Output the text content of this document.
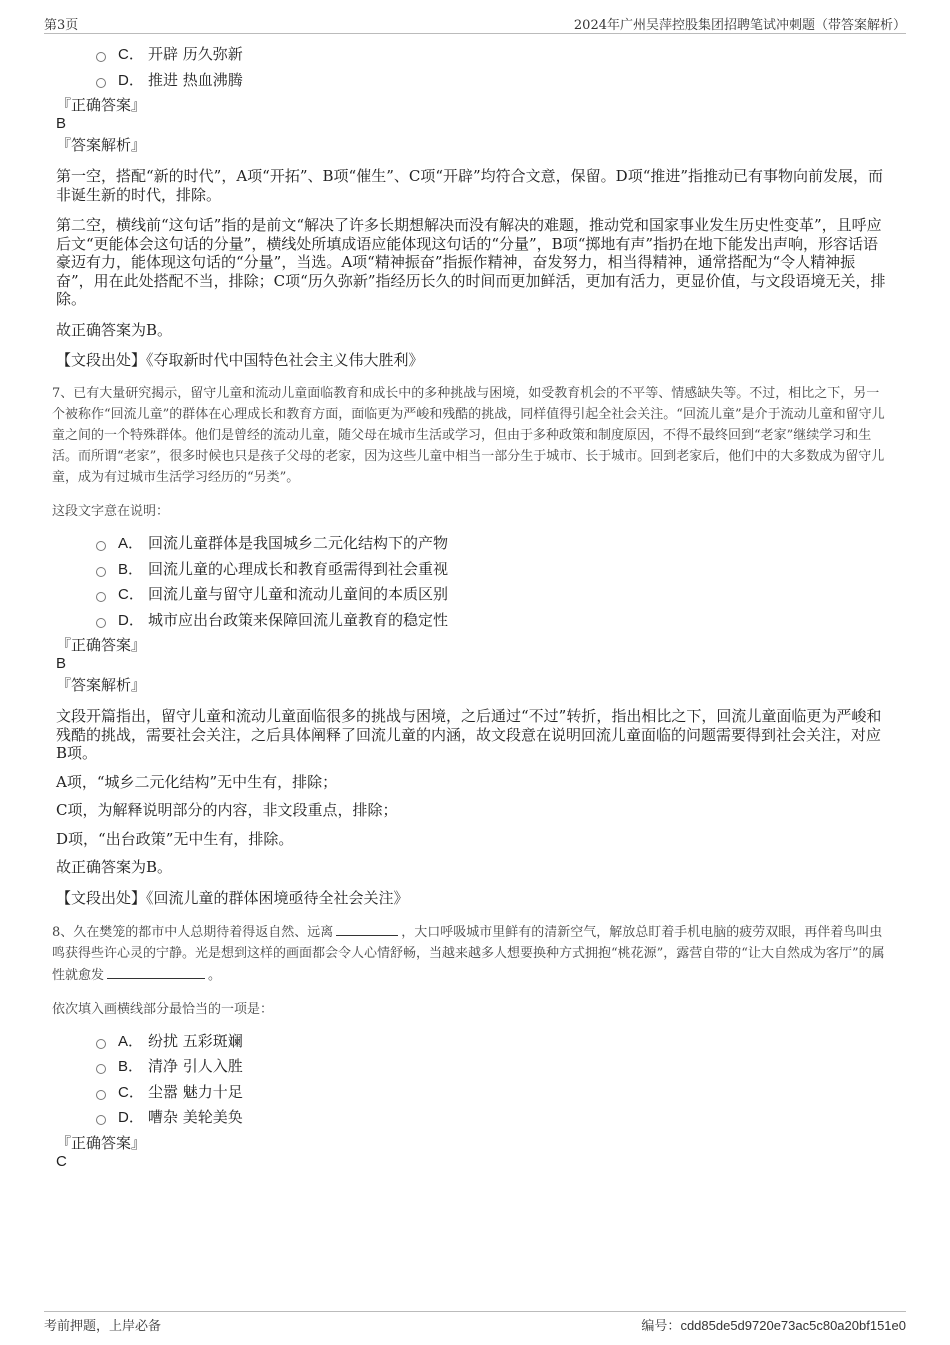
第3页	2024年广州吴萍控股集团招聘笔试冲刺题（带答案解析）
C． 开辟 历久弥新
D． 推进 热血沸腾
『正确答案』
B
『答案解析』
第一空，搭配“新的时代”，A项“开拓”、B项“催生”、C项“开辟”均符合文意，保留。D项“推进”指推动已有事物向前发展，而非诞生新的时代，排除。
第二空，横线前“这句话”指的是前文“解决了许多长期想解决而没有解决的难题，推动党和国家事业发生历史性变革”，且呼应后文“更能体会这句话的分量”，横线处所填成语应能体现这句话的“分量”，B项“掷地有声”指扔在地下能发出声响，形容话语豪迈有力，能体现这句话的“分量”，当选。A项“精神振奋”指振作精神，奋发努力，相当得精神，通常搭配为“令人精神振奋”，用在此处搭配不当，排除；C项“历久弥新”指经历长久的时间而更加鲜活，更加有活力，更显价值，与文段语境无关，排除。
故正确答案为B。
【文段出处】《夺取新时代中国特色社会主义伟大胜利》
7、已有大量研究揭示，留守儿童和流动儿童面临教育和成长中的多种挑战与困境，如受教育机会的不平等、情感缺失等。不过，相比之下，另一个被称作“回流儿童”的群体在心理成长和教育方面，面临更为严峻和残酷的挑战，同样值得引起全社会关注。“回流儿童”是介于流动儿童和留守儿童之间的一个特殊群体。他们是曾经的流动儿童，随父母在城市生活或学习，但由于多种政策和制度原因，不得不最终回到“老家”继续学习和生活。而所谓“老家”，很多时候也只是孩子父母的老家，因为这些儿童中相当一部分生于城市、长于城市。回到老家后，他们中的大多数成为留守儿童，成为有过城市生活学习经历的“另类”。
这段文字意在说明：
A． 回流儿童群体是我国城乡二元化结构下的产物
B． 回流儿童的心理成长和教育亟需得到社会重视
C． 回流儿童与留守儿童和流动儿童间的本质区别
D． 城市应出台政策来保障回流儿童教育的稳定性
『正确答案』
B
『答案解析』
文段开篇指出，留守儿童和流动儿童面临很多的挑战与困境，之后通过“不过”转折，指出相比之下，回流儿童面临更为严峻和残酷的挑战，需要社会关注，之后具体阐释了回流儿童的内涵，故文段意在说明回流儿童面临的问题需要得到社会关注，对应B项。
A项，“城乡二元化结构”无中生有，排除；
C项，为解释说明部分的内容，非文段重点，排除；
D项，“出台政策”无中生有，排除。
故正确答案为B。
【文段出处】《回流儿童的群体困境亟待全社会关注》
8、久在樊笼的都市中人总期待着得返自然、远离	，大口呼吸城市里鲜有的清新空气，解放总盯着手机电脑的疲劳双眼，再伴着鸟叫虫鸣获得些许心灵的宁静。光是想到这样的画面都会令人心情舒畅，当越来越多人想要换种方式拥抱“桃花源”，露营自带的“让大自然成为客厅”的属性就愈发	。
依次填入画横线部分最恰当的一项是：
A． 纷扰 五彩斑斓
B． 清净 引人入胜
C． 尘嚣 魅力十足
D． 嘈杂 美轮美奂
『正确答案』
C
考前押题，上岸必备	编号：cdd85de5d9720e73ac5c80a20bf151e0
